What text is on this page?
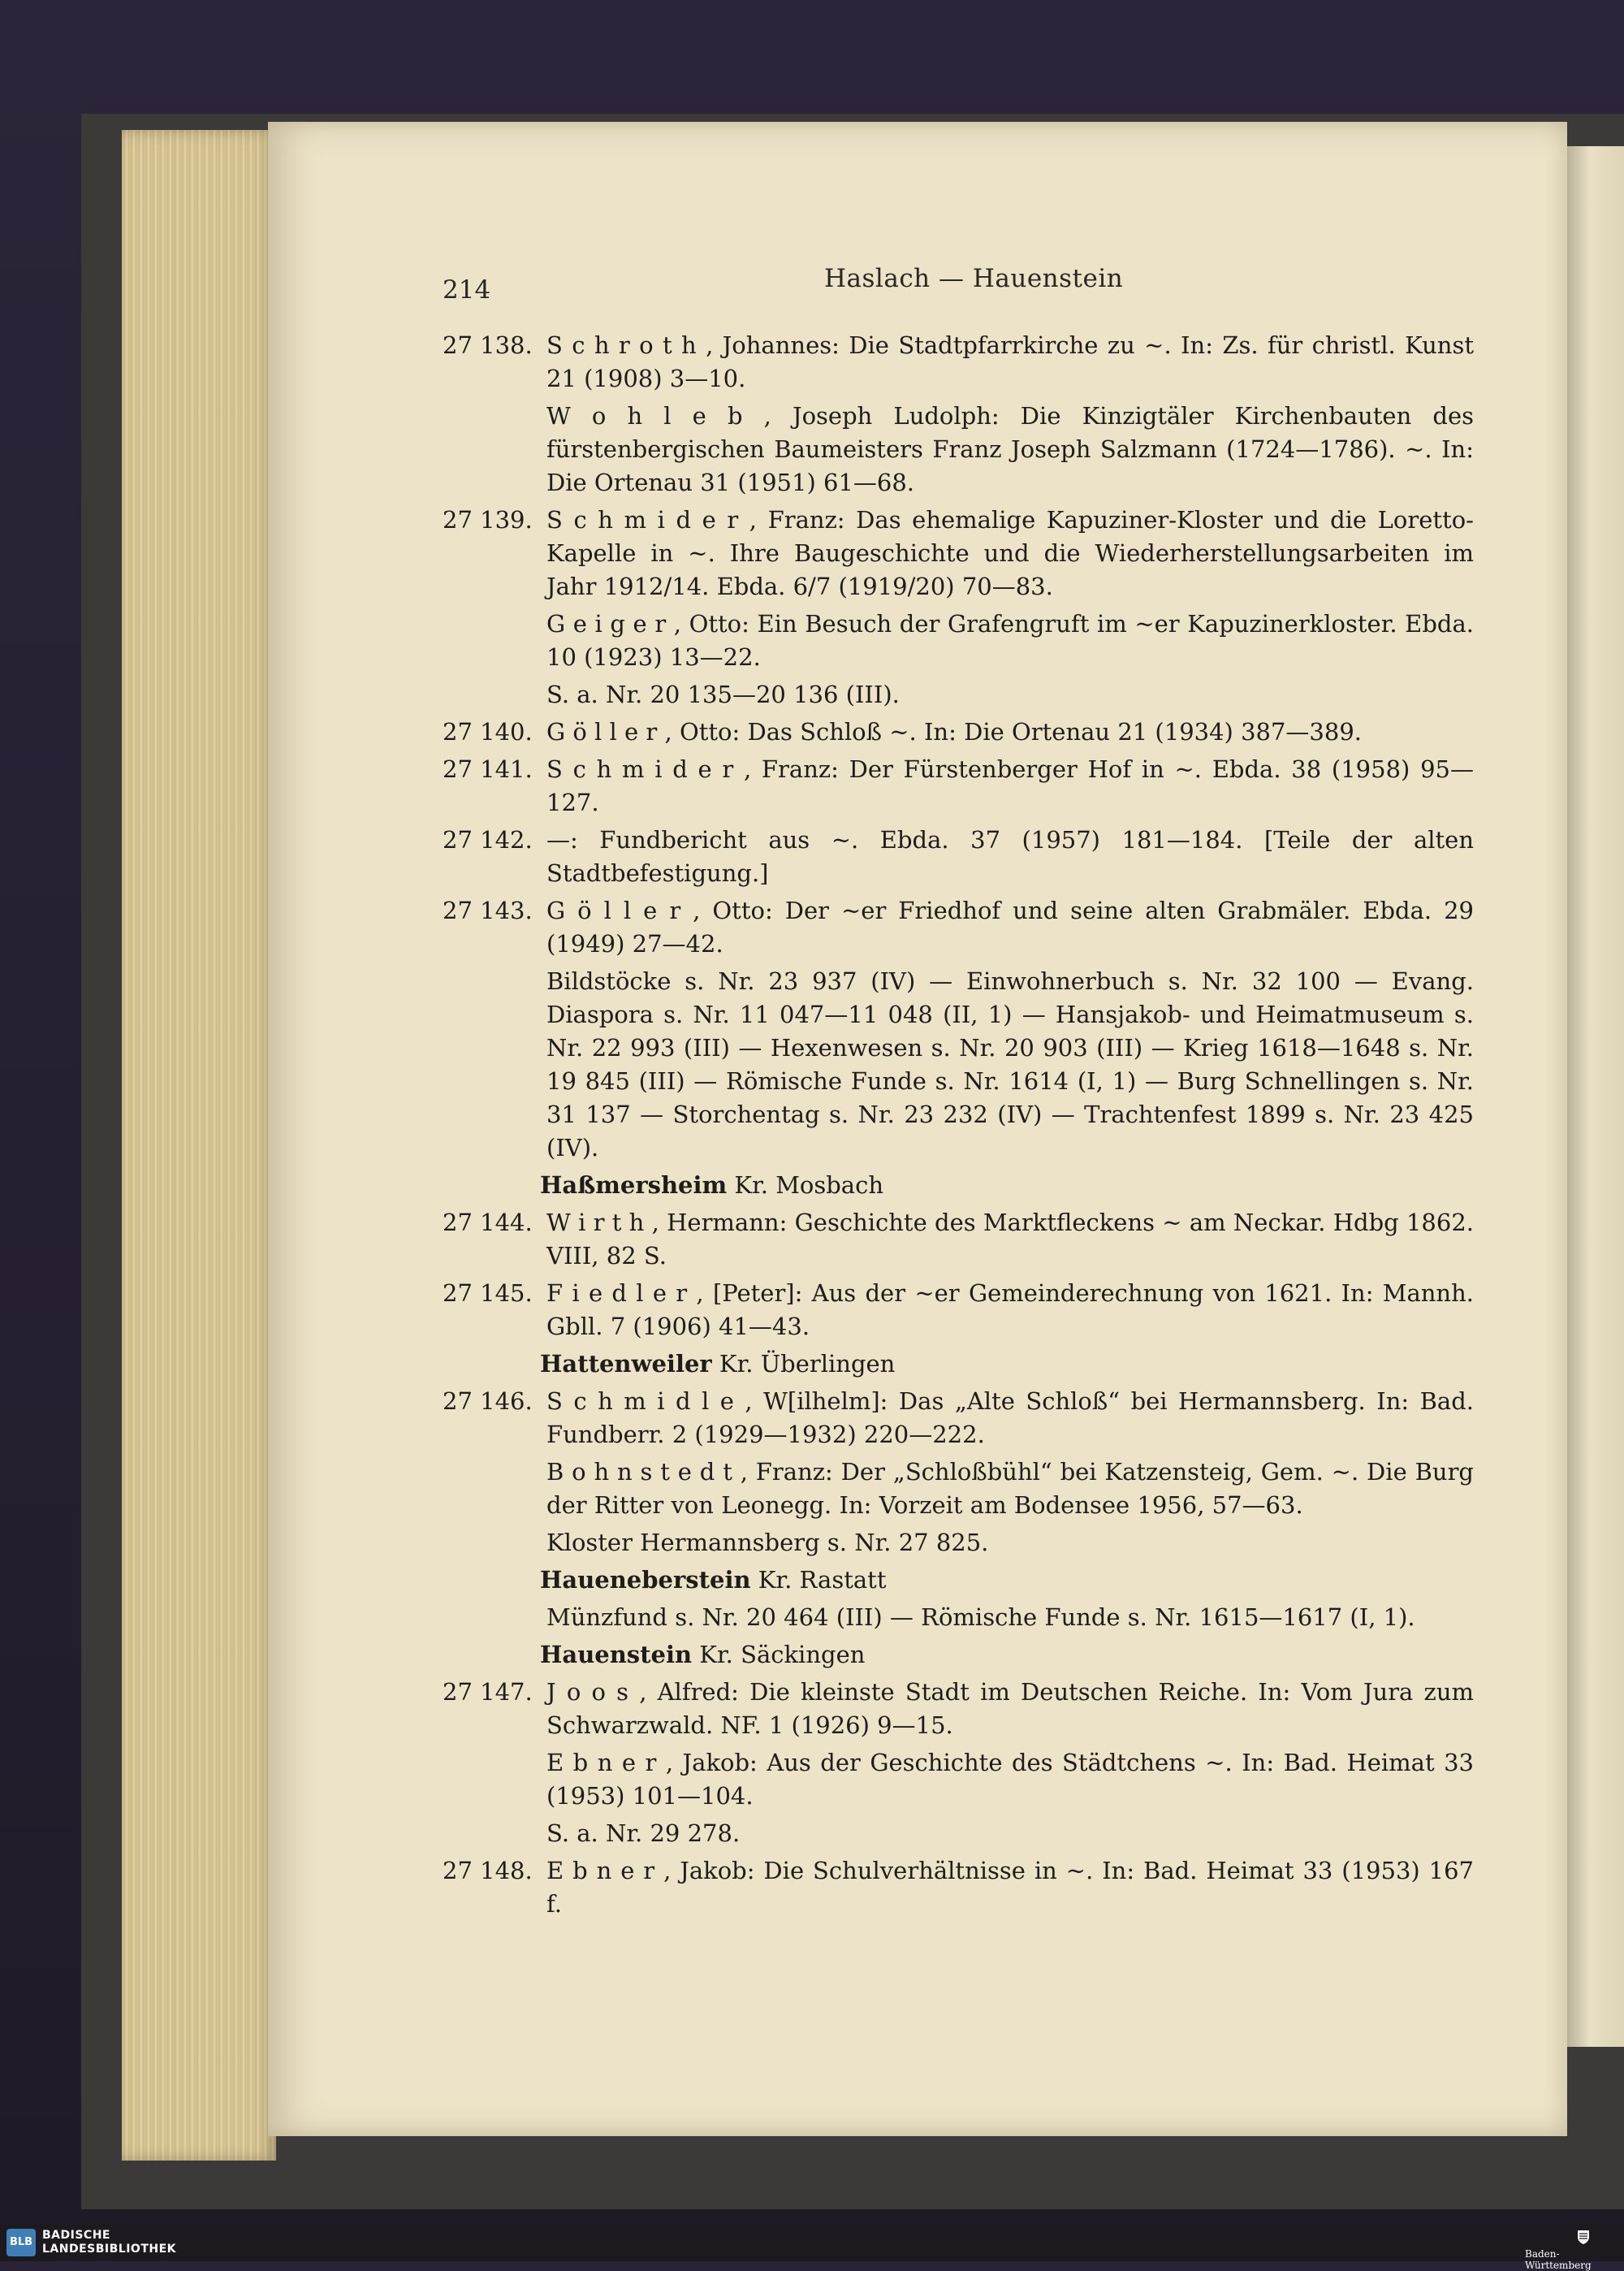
214	Haslach — Hauenstein
27 138. S c h r o t h , Johannes: Die Stadtpfarrkirche zu ~. In: Zs. für christl. Kunst 21 (1908) 3—10.
W o h l e b , Joseph Ludolph: Die Kinzigtäler Kirchenbauten des fürstenbergischen Baumeisters Franz Joseph Salzmann (1724—1786). ~. In: Die Ortenau 31 (1951) 61—68.
27 139. S c h m i d e r , Franz: Das ehemalige Kapuziner-Kloster und die Loretto-Kapelle in ~. Ihre Baugeschichte und die Wiederherstellungsarbeiten im Jahr 1912/14. Ebda. 6/7 (1919/20) 70—83.
G e i g e r , Otto: Ein Besuch der Grafengruft im ~er Kapuzinerkloster. Ebda. 10 (1923) 13—22.
S. a. Nr. 20 135—20 136 (III).
27 140. G ö l l e r , Otto: Das Schloß ~. In: Die Ortenau 21 (1934) 387—389.
27 141. S c h m i d e r , Franz: Der Fürstenberger Hof in ~. Ebda. 38 (1958) 95—127.
27 142. —: Fundbericht aus ~. Ebda. 37 (1957) 181—184. [Teile der alten Stadtbefestigung.]
27 143. G ö l l e r , Otto: Der ~er Friedhof und seine alten Grabmäler. Ebda. 29 (1949) 27—42.
Bildstöcke s. Nr. 23 937 (IV) — Einwohnerbuch s. Nr. 32 100 — Evang. Diaspora s. Nr. 11 047—11 048 (II, 1) — Hansjakob- und Heimatmuseum s. Nr. 22 993 (III) — Hexenwesen s. Nr. 20 903 (III) — Krieg 1618—1648 s. Nr. 19 845 (III) — Römische Funde s. Nr. 1614 (I, 1) — Burg Schnellingen s. Nr. 31 137 — Storchentag s. Nr. 23 232 (IV) — Trachtenfest 1899 s. Nr. 23 425 (IV).
Haßmersheim Kr. Mosbach
27 144. W i r t h , Hermann: Geschichte des Marktfleckens ~ am Neckar. Hdbg 1862. VIII, 82 S.
27 145. F i e d l e r , [Peter]: Aus der ~er Gemeinderechnung von 1621. In: Mannh. Gbll. 7 (1906) 41—43.
Hattenweiler Kr. Überlingen
27 146. S c h m i d l e , W[ilhelm]: Das „Alte Schloß“ bei Hermannsberg. In: Bad. Fundberr. 2 (1929—1932) 220—222.
B o h n s t e d t , Franz: Der „Schloßbühl“ bei Katzensteig, Gem. ~. Die Burg der Ritter von Leonegg. In: Vorzeit am Bodensee 1956, 57—63.
Kloster Hermannsberg s. Nr. 27 825.
Haueneberstein Kr. Rastatt
Münzfund s. Nr. 20 464 (III) — Römische Funde s. Nr. 1615—1617 (I, 1).
Hauenstein Kr. Säckingen
27 147. J o o s , Alfred: Die kleinste Stadt im Deutschen Reiche. In: Vom Jura zum Schwarzwald. NF. 1 (1926) 9—15.
E b n e r , Jakob: Aus der Geschichte des Städtchens ~. In: Bad. Heimat 33 (1953) 101—104.
S. a. Nr. 29 278.
27 148. E b n e r , Jakob: Die Schulverhältnisse in ~. In: Bad. Heimat 33 (1953) 167 f.
BLB
BADISCHE
LANDESBIBLIOTHEK	Baden-Württemberg
